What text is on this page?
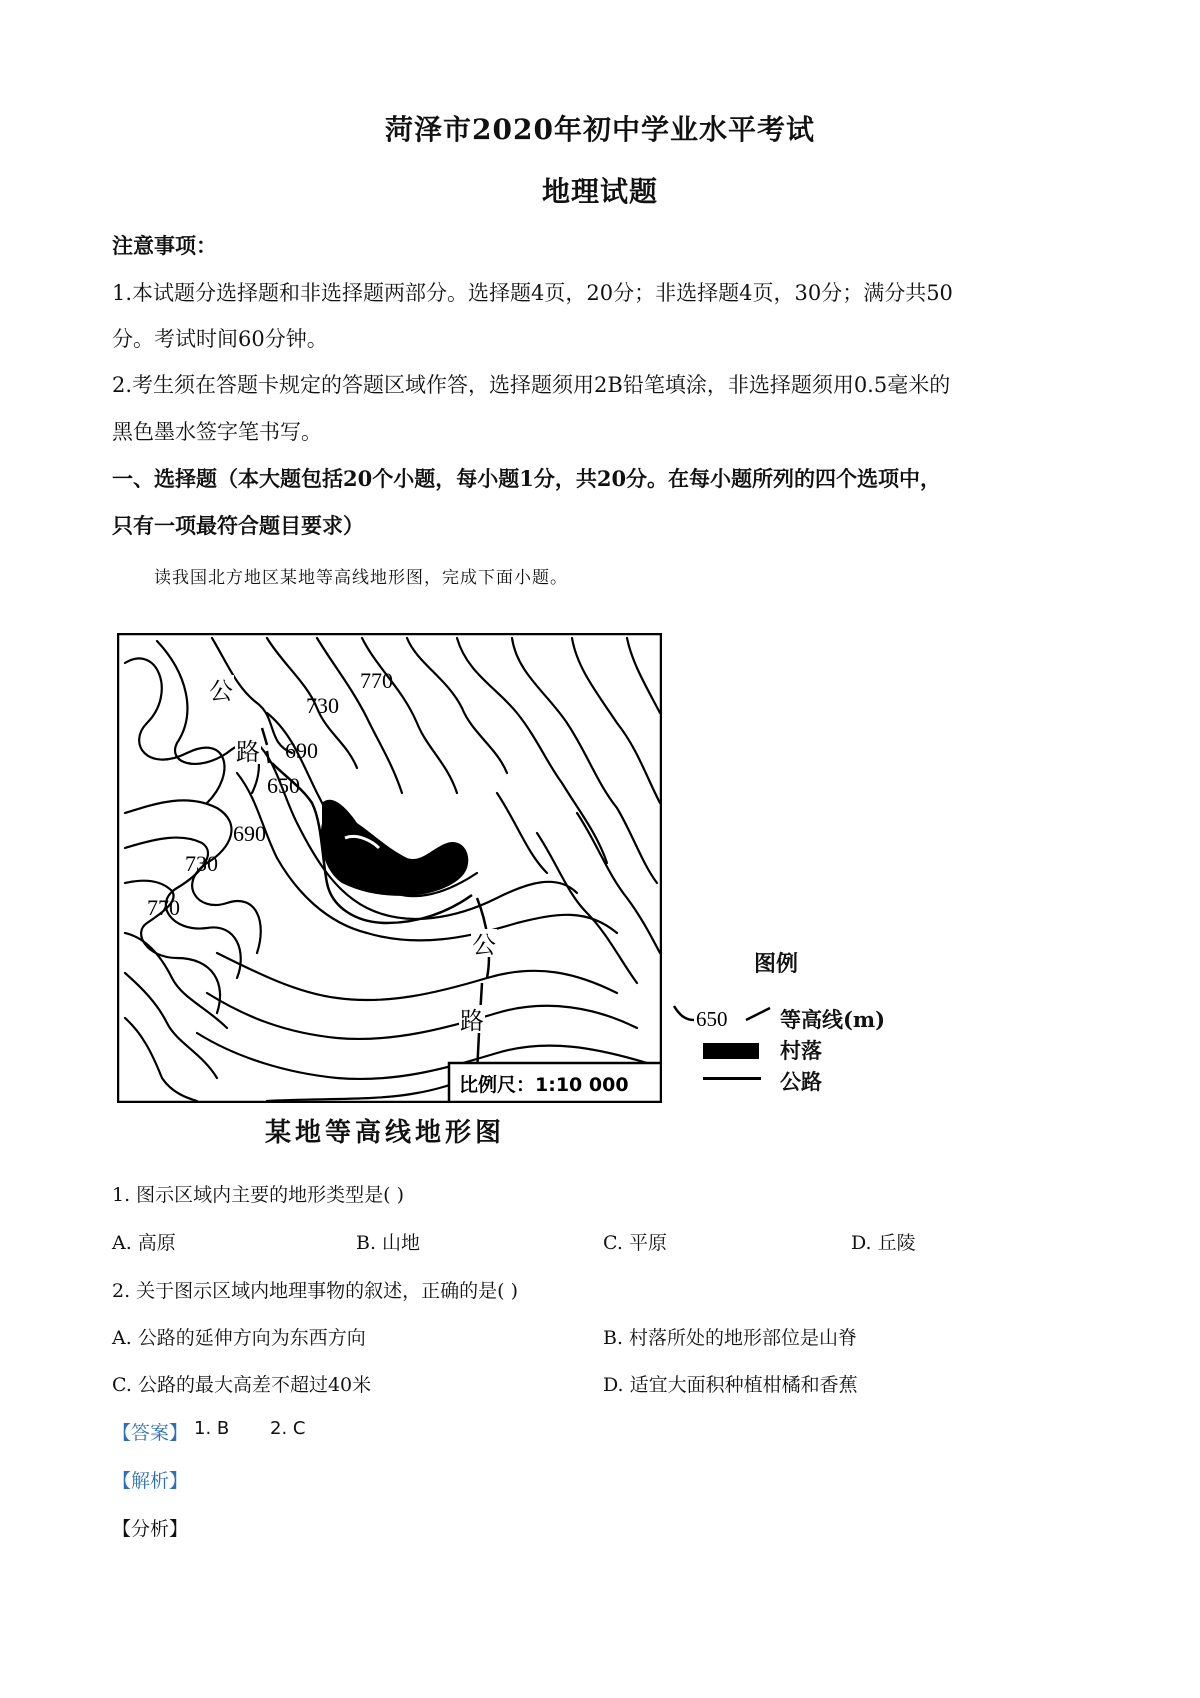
菏泽市2020年初中学业水平考试
地理试题
注意事项：
1.本试题分选择题和非选择题两部分。选择题4页，20分；非选择题4页，30分；满分共50
分。考试时间60分钟。
2.考生须在答题卡规定的答题区域作答，选择题须用2B铅笔填涂，非选择题须用0.5毫米的
黑色墨水签字笔书写。
一、选择题（本大题包括20个小题，每小题1分，共20分。在每小题所列的四个选项中，
只有一项最符合题目要求）
读我国北方地区某地等高线地形图，完成下面小题。
770
730
690
650
690
730
770
公
路
公
路
比例尺：1:10 000
图例
650	等高线(m)
村落
公路
某地等高线地形图
1. 图示区域内主要的地形类型是( )
A. 高原	B. 山地	C. 平原	D. 丘陵
2. 关于图示区域内地理事物的叙述，正确的是( )
A. 公路的延伸方向为东西方向	B. 村落所处的地形部位是山脊
C. 公路的最大高差不超过40米	D. 适宜大面积种植柑橘和香蕉
【答案】 1. B 2. C
【解析】
【分析】
